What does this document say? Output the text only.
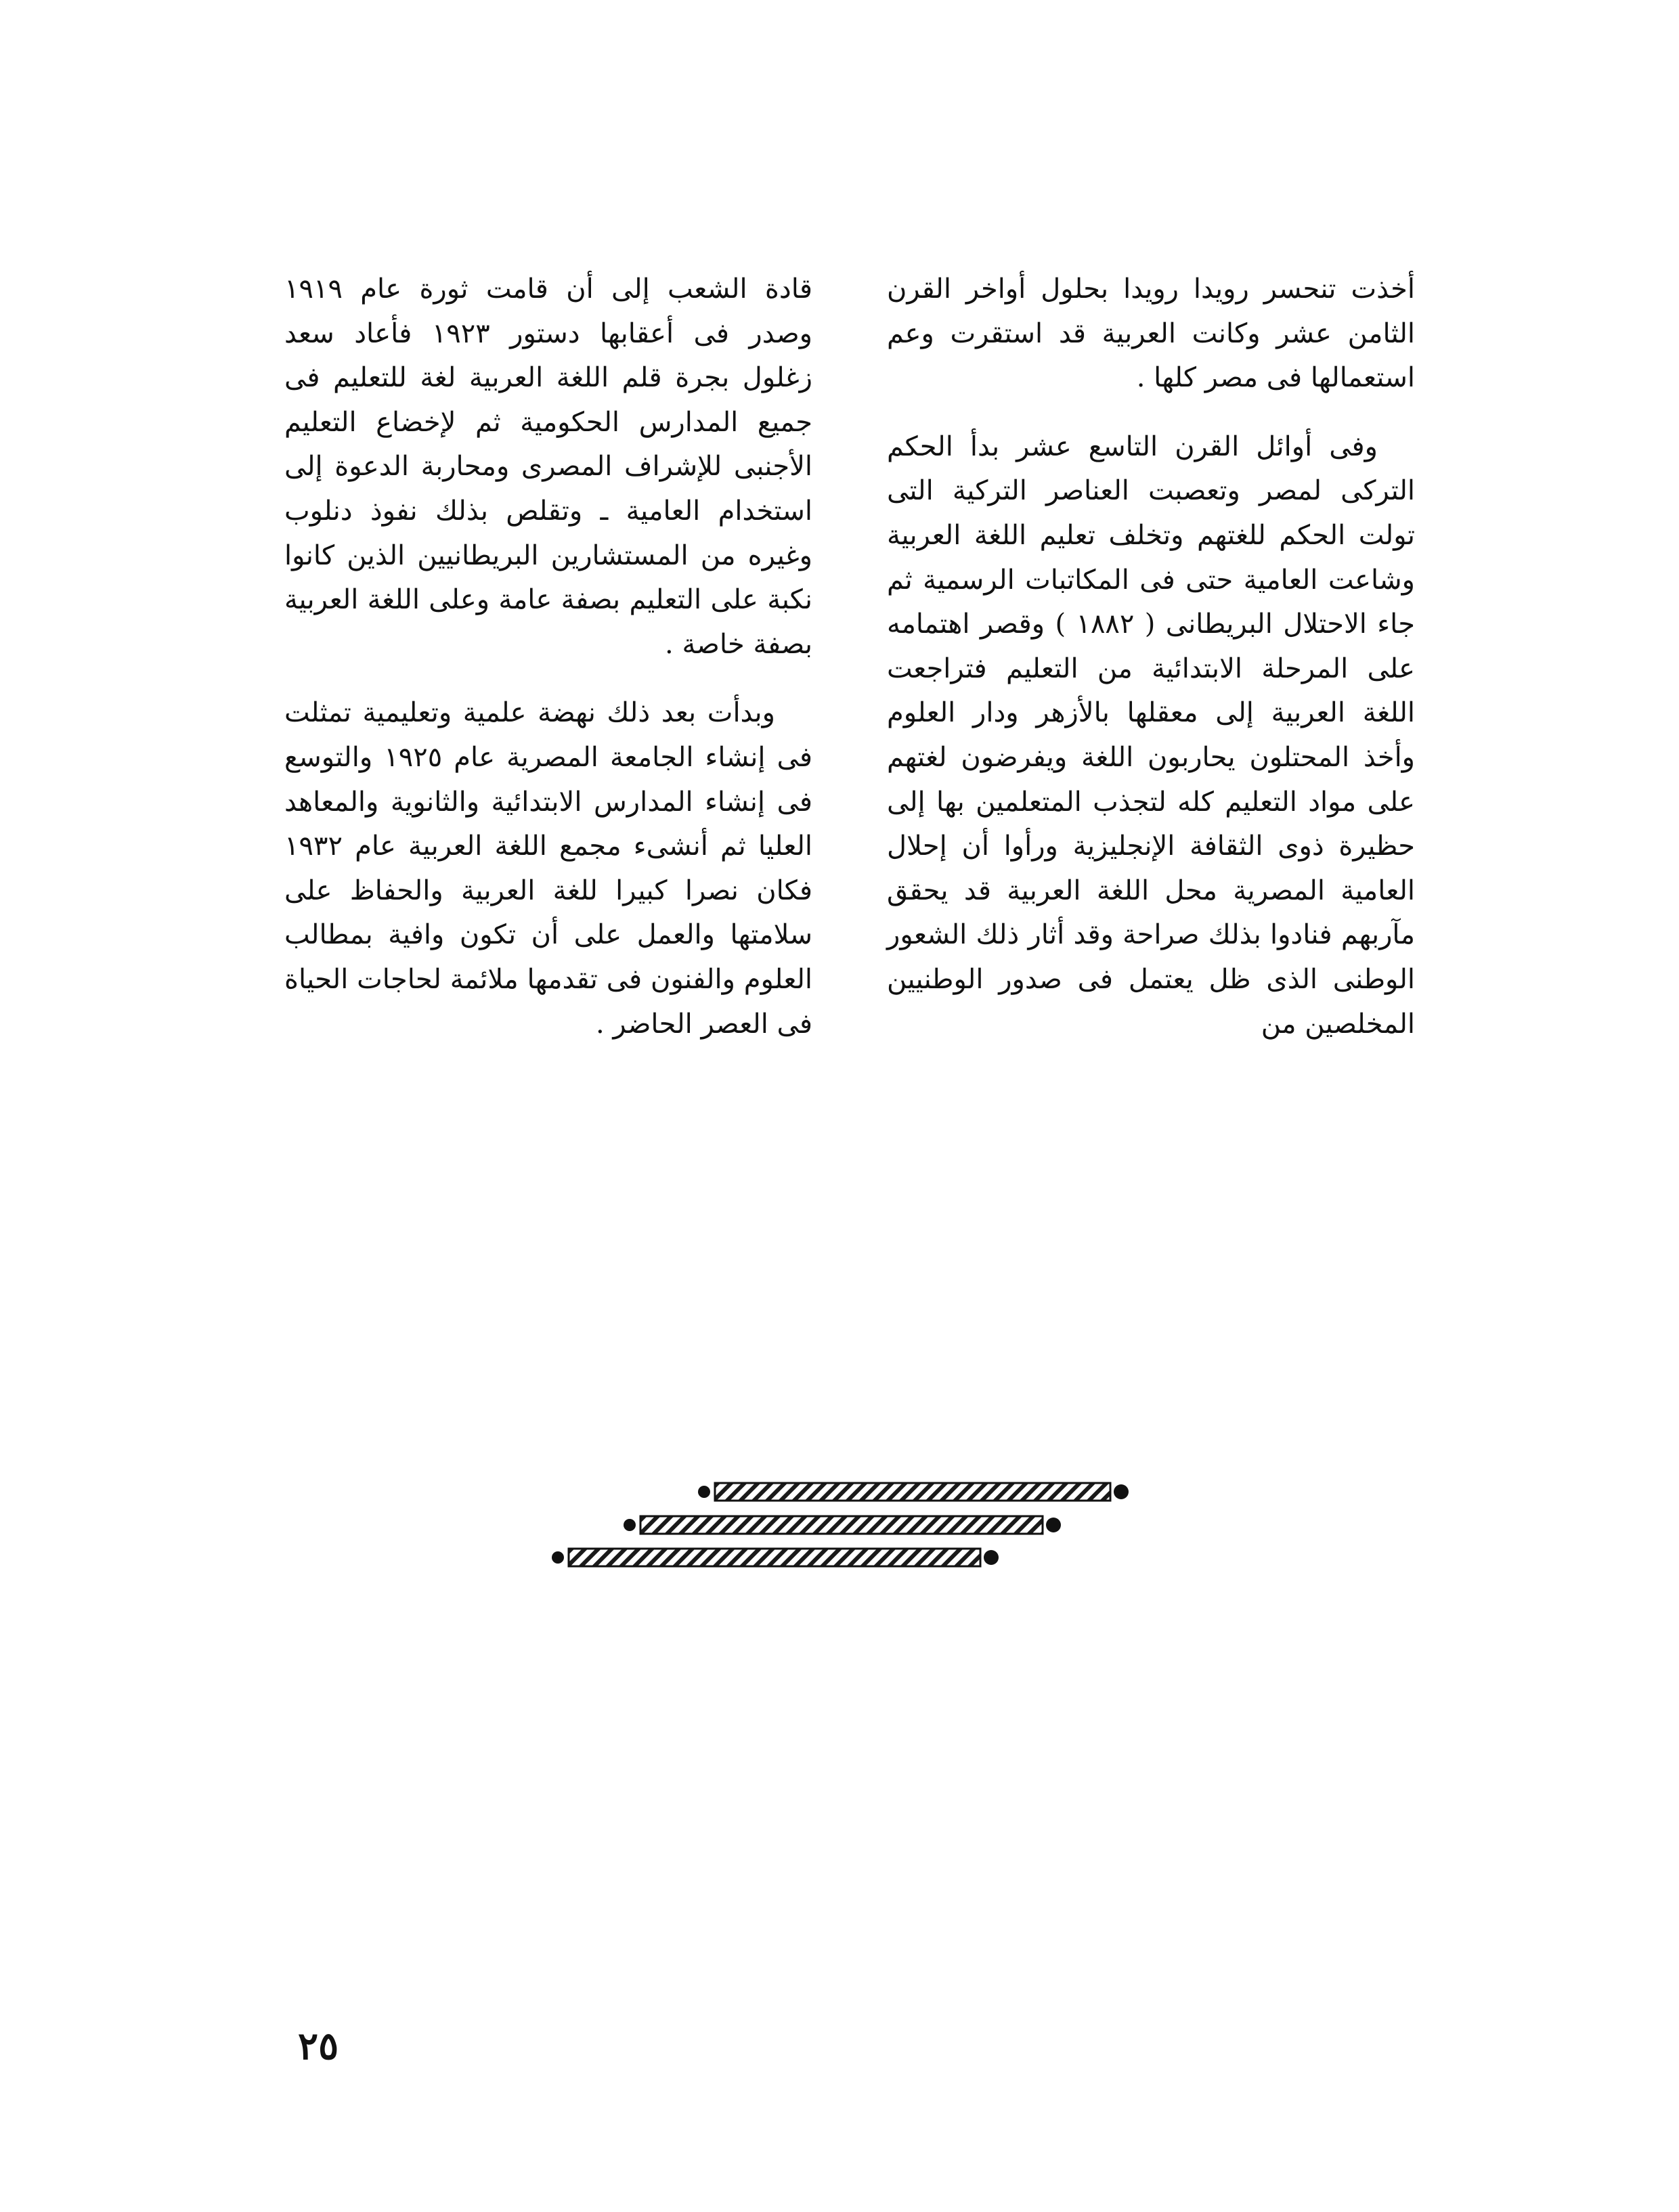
أخذت تنحسر رويدا رويدا بحلول أواخر القرن الثامن عشر وكانت العربية قد استقرت وعم استعمالها فى مصر كلها .

وفى أوائل القرن التاسع عشر بدأ الحكم التركى لمصر وتعصبت العناصر التركية التى تولت الحكم للغتهم وتخلف تعليم اللغة العربية وشاعت العامية حتى فى المكاتبات الرسمية ثم جاء الاحتلال البريطانى ( ١٨٨٢ ) وقصر اهتمامه على المرحلة الابتدائية من التعليم فتراجعت اللغة العربية إلى معقلها بالأزهر ودار العلوم وأخذ المحتلون يحاربون اللغة ويفرضون لغتهم على مواد التعليم كله لتجذب المتعلمين بها إلى حظيرة ذوى الثقافة الإنجليزية ورأوا أن إحلال العامية المصرية محل اللغة العربية قد يحقق مآربهم فنادوا بذلك صراحة وقد أثار ذلك الشعور الوطنى الذى ظل يعتمل فى صدور الوطنيين المخلصين من

قادة الشعب إلى أن قامت ثورة عام ١٩١٩ وصدر فى أعقابها دستور ١٩٢٣ فأعاد سعد زغلول بجرة قلم اللغة العربية لغة للتعليم فى جميع المدارس الحكومية ثم لإخضاع التعليم الأجنبى للإشراف المصرى ومحاربة الدعوة إلى استخدام العامية ـ وتقلص بذلك نفوذ دنلوب وغيره من المستشارين البريطانيين الذين كانوا نكبة على التعليم بصفة عامة وعلى اللغة العربية بصفة خاصة .

وبدأت بعد ذلك نهضة علمية وتعليمية تمثلت فى إنشاء الجامعة المصرية عام ١٩٢٥ والتوسع فى إنشاء المدارس الابتدائية والثانوية والمعاهد العليا ثم أنشىء مجمع اللغة العربية عام ١٩٣٢ فكان نصرا كبيرا للغة العربية والحفاظ على سلامتها والعمل على أن تكون وافية بمطالب العلوم والفنون فى تقدمها ملائمة لحاجات الحياة فى العصر الحاضر .

٢٥
